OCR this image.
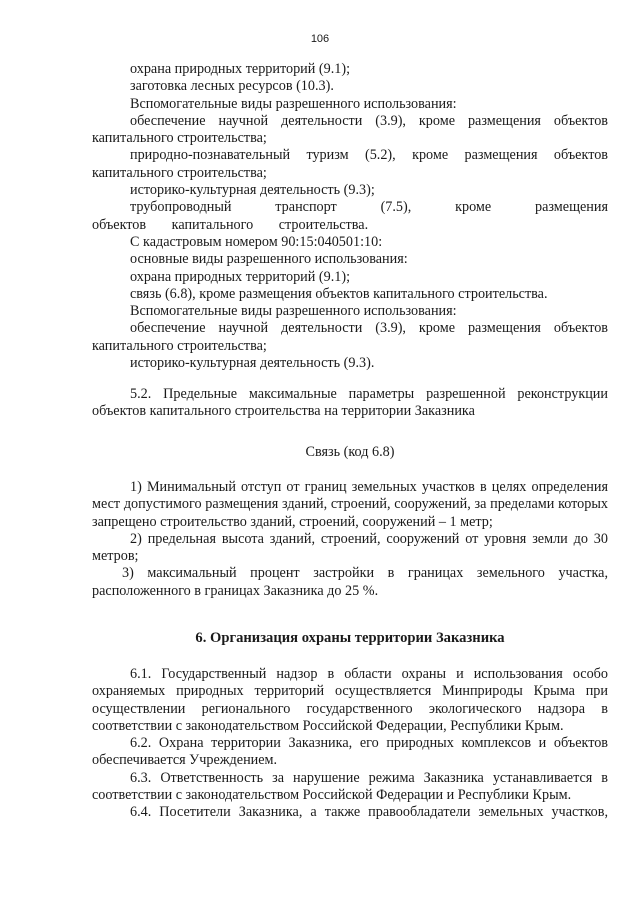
106

охрана природных территорий (9.1);

заготовка лесных ресурсов (10.3).

Вспомогательные виды разрешенного использования:

обеспечение научной деятельности (3.9), кроме размещения объектов капитального строительства;

природно-познавательный туризм (5.2), кроме размещения объектов капитального строительства;

историко-культурная деятельность (9.3);

трубопроводный транспорт (7.5), кроме размещения объектов капитального строительства.

С кадастровым номером 90:15:040501:10:

основные виды разрешенного использования:

охрана природных территорий (9.1);

связь (6.8), кроме размещения объектов капитального строительства.

Вспомогательные виды разрешенного использования:

обеспечение научной деятельности (3.9), кроме размещения объектов капитального строительства;

историко-культурная деятельность (9.3).

5.2. Предельные максимальные параметры разрешенной реконструкции объектов капитального строительства на территории Заказника

Связь (код 6.8)

1) Минимальный отступ от границ земельных участков в целях определения мест допустимого размещения зданий, строений, сооружений, за пределами которых запрещено строительство зданий, строений, сооружений – 1 метр;

2) предельная высота зданий, строений, сооружений от уровня земли до 30 метров;

3) максимальный процент застройки в границах земельного участка, расположенного в границах Заказника до 25 %.

6. Организация охраны территории Заказника

6.1. Государственный надзор в области охраны и использования особо охраняемых природных территорий осуществляется Минприроды Крыма при осуществлении регионального государственного экологического надзора в соответствии с законодательством Российской Федерации, Республики Крым.

6.2. Охрана территории Заказника, его природных комплексов и объектов обеспечивается Учреждением.

6.3. Ответственность за нарушение режима Заказника устанавливается в соответствии с законодательством Российской Федерации и Республики Крым.

6.4. Посетители Заказника, а также правообладатели земельных участков,
